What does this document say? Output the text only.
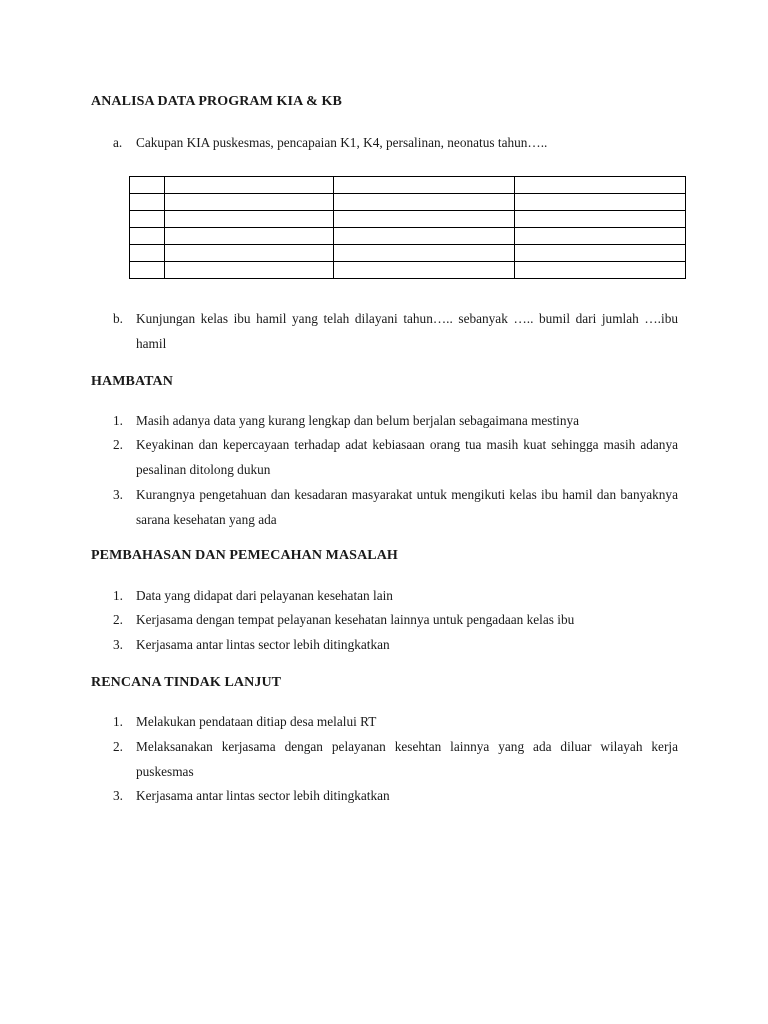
ANALISA DATA PROGRAM KIA & KB
a. Cakupan KIA puskesmas, pencapaian K1, K4, persalinan, neonatus tahun…..

b. Kunjungan kelas ibu hamil yang telah dilayani tahun….. sebanyak ….. bumil dari jumlah ….ibu hamil
HAMBATAN
1. Masih adanya data yang kurang lengkap dan belum berjalan sebagaimana mestinya
2. Keyakinan dan kepercayaan terhadap adat kebiasaan orang tua masih kuat sehingga masih adanya pesalinan ditolong dukun
3. Kurangnya pengetahuan dan kesadaran masyarakat untuk mengikuti kelas ibu hamil dan banyaknya sarana kesehatan yang ada
PEMBAHASAN DAN PEMECAHAN MASALAH
1. Data yang didapat dari pelayanan kesehatan lain
2. Kerjasama dengan tempat pelayanan kesehatan lainnya untuk pengadaan kelas ibu
3. Kerjasama antar lintas sector lebih ditingkatkan
RENCANA TINDAK LANJUT
1. Melakukan pendataan ditiap desa melalui RT
2. Melaksanakan kerjasama dengan pelayanan kesehtan lainnya yang ada diluar wilayah kerja puskesmas
3. Kerjasama antar lintas sector lebih ditingkatkan
